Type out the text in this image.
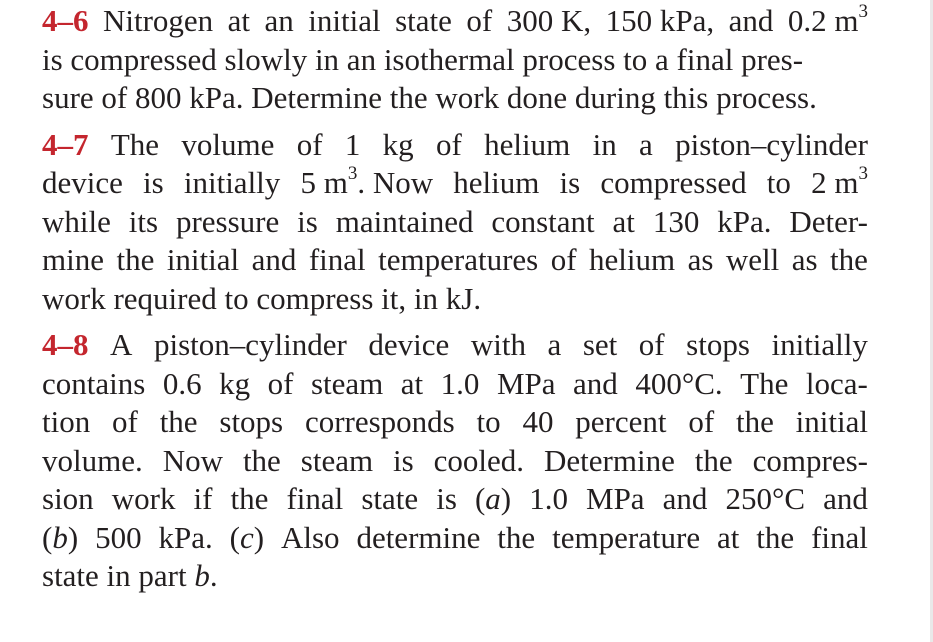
4–6 Nitrogen at an initial state of 300 K, 150 kPa, and 0.2 $m^3$
is compressed slowly in an isothermal process to a final pres-
sure of 800 kPa. Determine the work done during this process.
4–7 The volume of 1 kg of helium in a piston–cylinder
device is initially 5 $m^3$. Now helium is compressed to 2 $m^3$
while its pressure is maintained constant at 130 kPa. Deter-
mine the initial and final temperatures of helium as well as the
work required to compress it, in kJ.
4–8 A piston–cylinder device with a set of stops initially
contains 0.6 kg of steam at 1.0 MPa and 400°C. The loca-
tion of the stops corresponds to 40 percent of the initial
volume. Now the steam is cooled. Determine the compres-
sion work if the final state is (a) 1.0 MPa and 250°C and
(b) 500 kPa. (c) Also determine the temperature at the final
state in part b.
